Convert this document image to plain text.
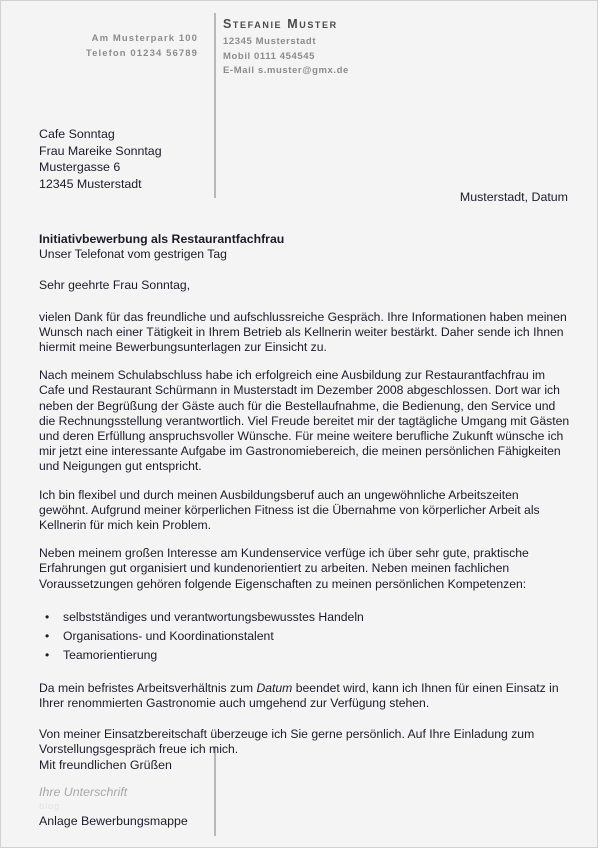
Am Musterpark 100
Telefon 01234 56789
Stefanie Muster
12345 Musterstadt
Mobil 0111 454545
E-Mail s.muster@gmx.de
Cafe Sonntag
Frau Mareike Sonntag
Mustergasse 6
12345 Musterstadt
Musterstadt, Datum
Initiativbewerbung als Restaurantfachfrau
Unser Telefonat vom gestrigen Tag

Sehr geehrte Frau Sonntag,

vielen Dank für das freundliche und aufschlussreiche Gespräch. Ihre Informationen haben meinen Wunsch nach einer Tätigkeit in Ihrem Betrieb als Kellnerin weiter bestärkt. Daher sende ich Ihnen hiermit meine Bewerbungsunterlagen zur Einsicht zu.

Nach meinem Schulabschluss habe ich erfolgreich eine Ausbildung zur Restaurantfachfrau im Cafe und Restaurant Schürmann in Musterstadt im Dezember 2008 abgeschlossen. Dort war ich neben der Begrüßung der Gäste auch für die Bestellaufnahme, die Bedienung, den Service und die Rechnungsstellung verantwortlich. Viel Freude bereitet mir der tagtägliche Umgang mit Gästen und deren Erfüllung anspruchsvoller Wünsche. Für meine weitere berufliche Zukunft wünsche ich mir jetzt eine interessante Aufgabe im Gastronomiebereich, die meinen persönlichen Fähigkeiten und Neigungen gut entspricht.

Ich bin flexibel und durch meinen Ausbildungsberuf auch an ungewöhnliche Arbeitszeiten gewöhnt. Aufgrund meiner körperlichen Fitness ist die Übernahme von körperlicher Arbeit als Kellnerin für mich kein Problem.

Neben meinem großen Interesse am Kundenservice verfüge ich über sehr gute, praktische Erfahrungen gut organisiert und kundenorientiert zu arbeiten. Neben meinen fachlichen Voraussetzungen gehören folgende Eigenschaften zu meinen persönlichen Kompetenzen:

• selbstständiges und verantwortungsbewusstes Handeln
• Organisations- und Koordinationstalent
• Teamorientierung

Da mein befristes Arbeitsverhältnis zum Datum beendet wird, kann ich Ihnen für einen Einsatz in Ihrer renommierten Gastronomie auch umgehend zur Verfügung stehen.

Von meiner Einsatzbereitschaft überzeuge ich Sie gerne persönlich. Auf Ihre Einladung zum Vorstellungsgespräch freue ich mich.

Mit freundlichen Grüßen
Ihre Unterschrift
blog
Anlage Bewerbungsmappe
